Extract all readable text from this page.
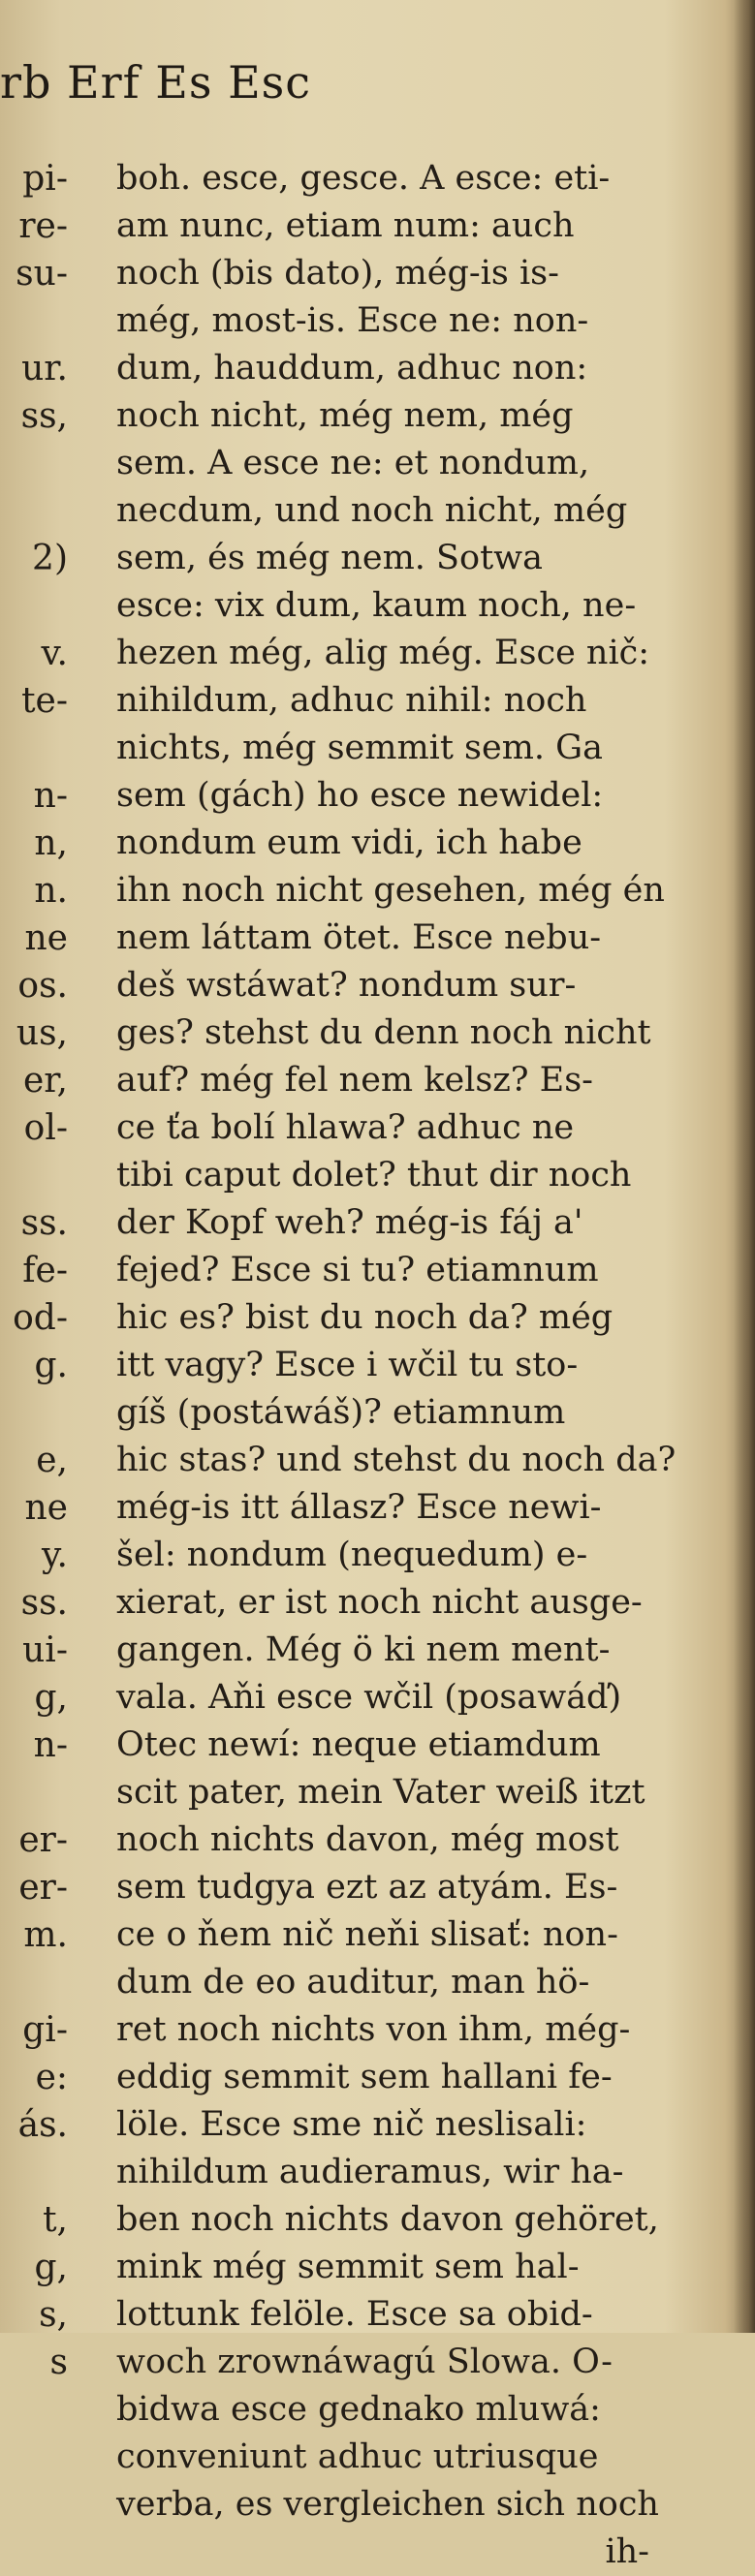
rb Erf Es Esc
pi-
re-
su-
ur.
ss,
2)
v.
te-
n-
n,
n.
ne
os.
us,
er,
ol-
ss.
fe-
od-
g.
e,
ne
y.
ss.
ui-
g,
n-
er-
er-
m.
gi-
e:
ás.
t,
g,
s,
s
boh. esce, gesce. A esce: eti-
am nunc, etiam num: auch
noch (bis dato), még-is is-
még, most-is. Esce ne: non-
dum, hauddum, adhuc non:
noch nicht, még nem, még
sem. A esce ne: et nondum,
necdum, und noch nicht, még
sem, és még nem. Sotwa
esce: vix dum, kaum noch, ne-
hezen még, alig még. Esce nič:
nihildum, adhuc nihil: noch
nichts, még semmit sem. Ga
sem (gách) ho esce newidel:
nondum eum vidi, ich habe
ihn noch nicht gesehen, még én
nem láttam ötet. Esce nebu-
deš wstáwat? nondum sur-
ges? stehst du denn noch nicht
auf? még fel nem kelsz? Es-
ce ťa bolí hlawa? adhuc ne
tibi caput dolet? thut dir noch
der Kopf weh? még-is fáj a'
fejed? Esce si tu? etiamnum
hic es? bist du noch da? még
itt vagy? Esce i wčil tu sto-
gíš (postáwáš)? etiamnum
hic stas? und stehst du noch da?
még-is itt állasz? Esce newi-
šel: nondum (nequedum) e-
xierat, er ist noch nicht ausge-
gangen. Még ö ki nem ment-
vala. Aňi esce wčil (posawáď)
Otec newí: neque etiamdum
scit pater, mein Vater weiß itzt
noch nichts davon, még most
sem tudgya ezt az atyám. Es-
ce o ňem nič neňi slisať: non-
dum de eo auditur, man hö-
ret noch nichts von ihm, még-
eddig semmit sem hallani fe-
löle. Esce sme nič neslisali:
nihildum audieramus, wir ha-
ben noch nichts davon gehöret,
mink még semmit sem hal-
lottunk felöle. Esce sa obid-
woch zrownáwagú Slowa. O-
bidwa esce gednako mluwá:
conveniunt adhuc utriusque
verba, es vergleichen sich noch
ih-
